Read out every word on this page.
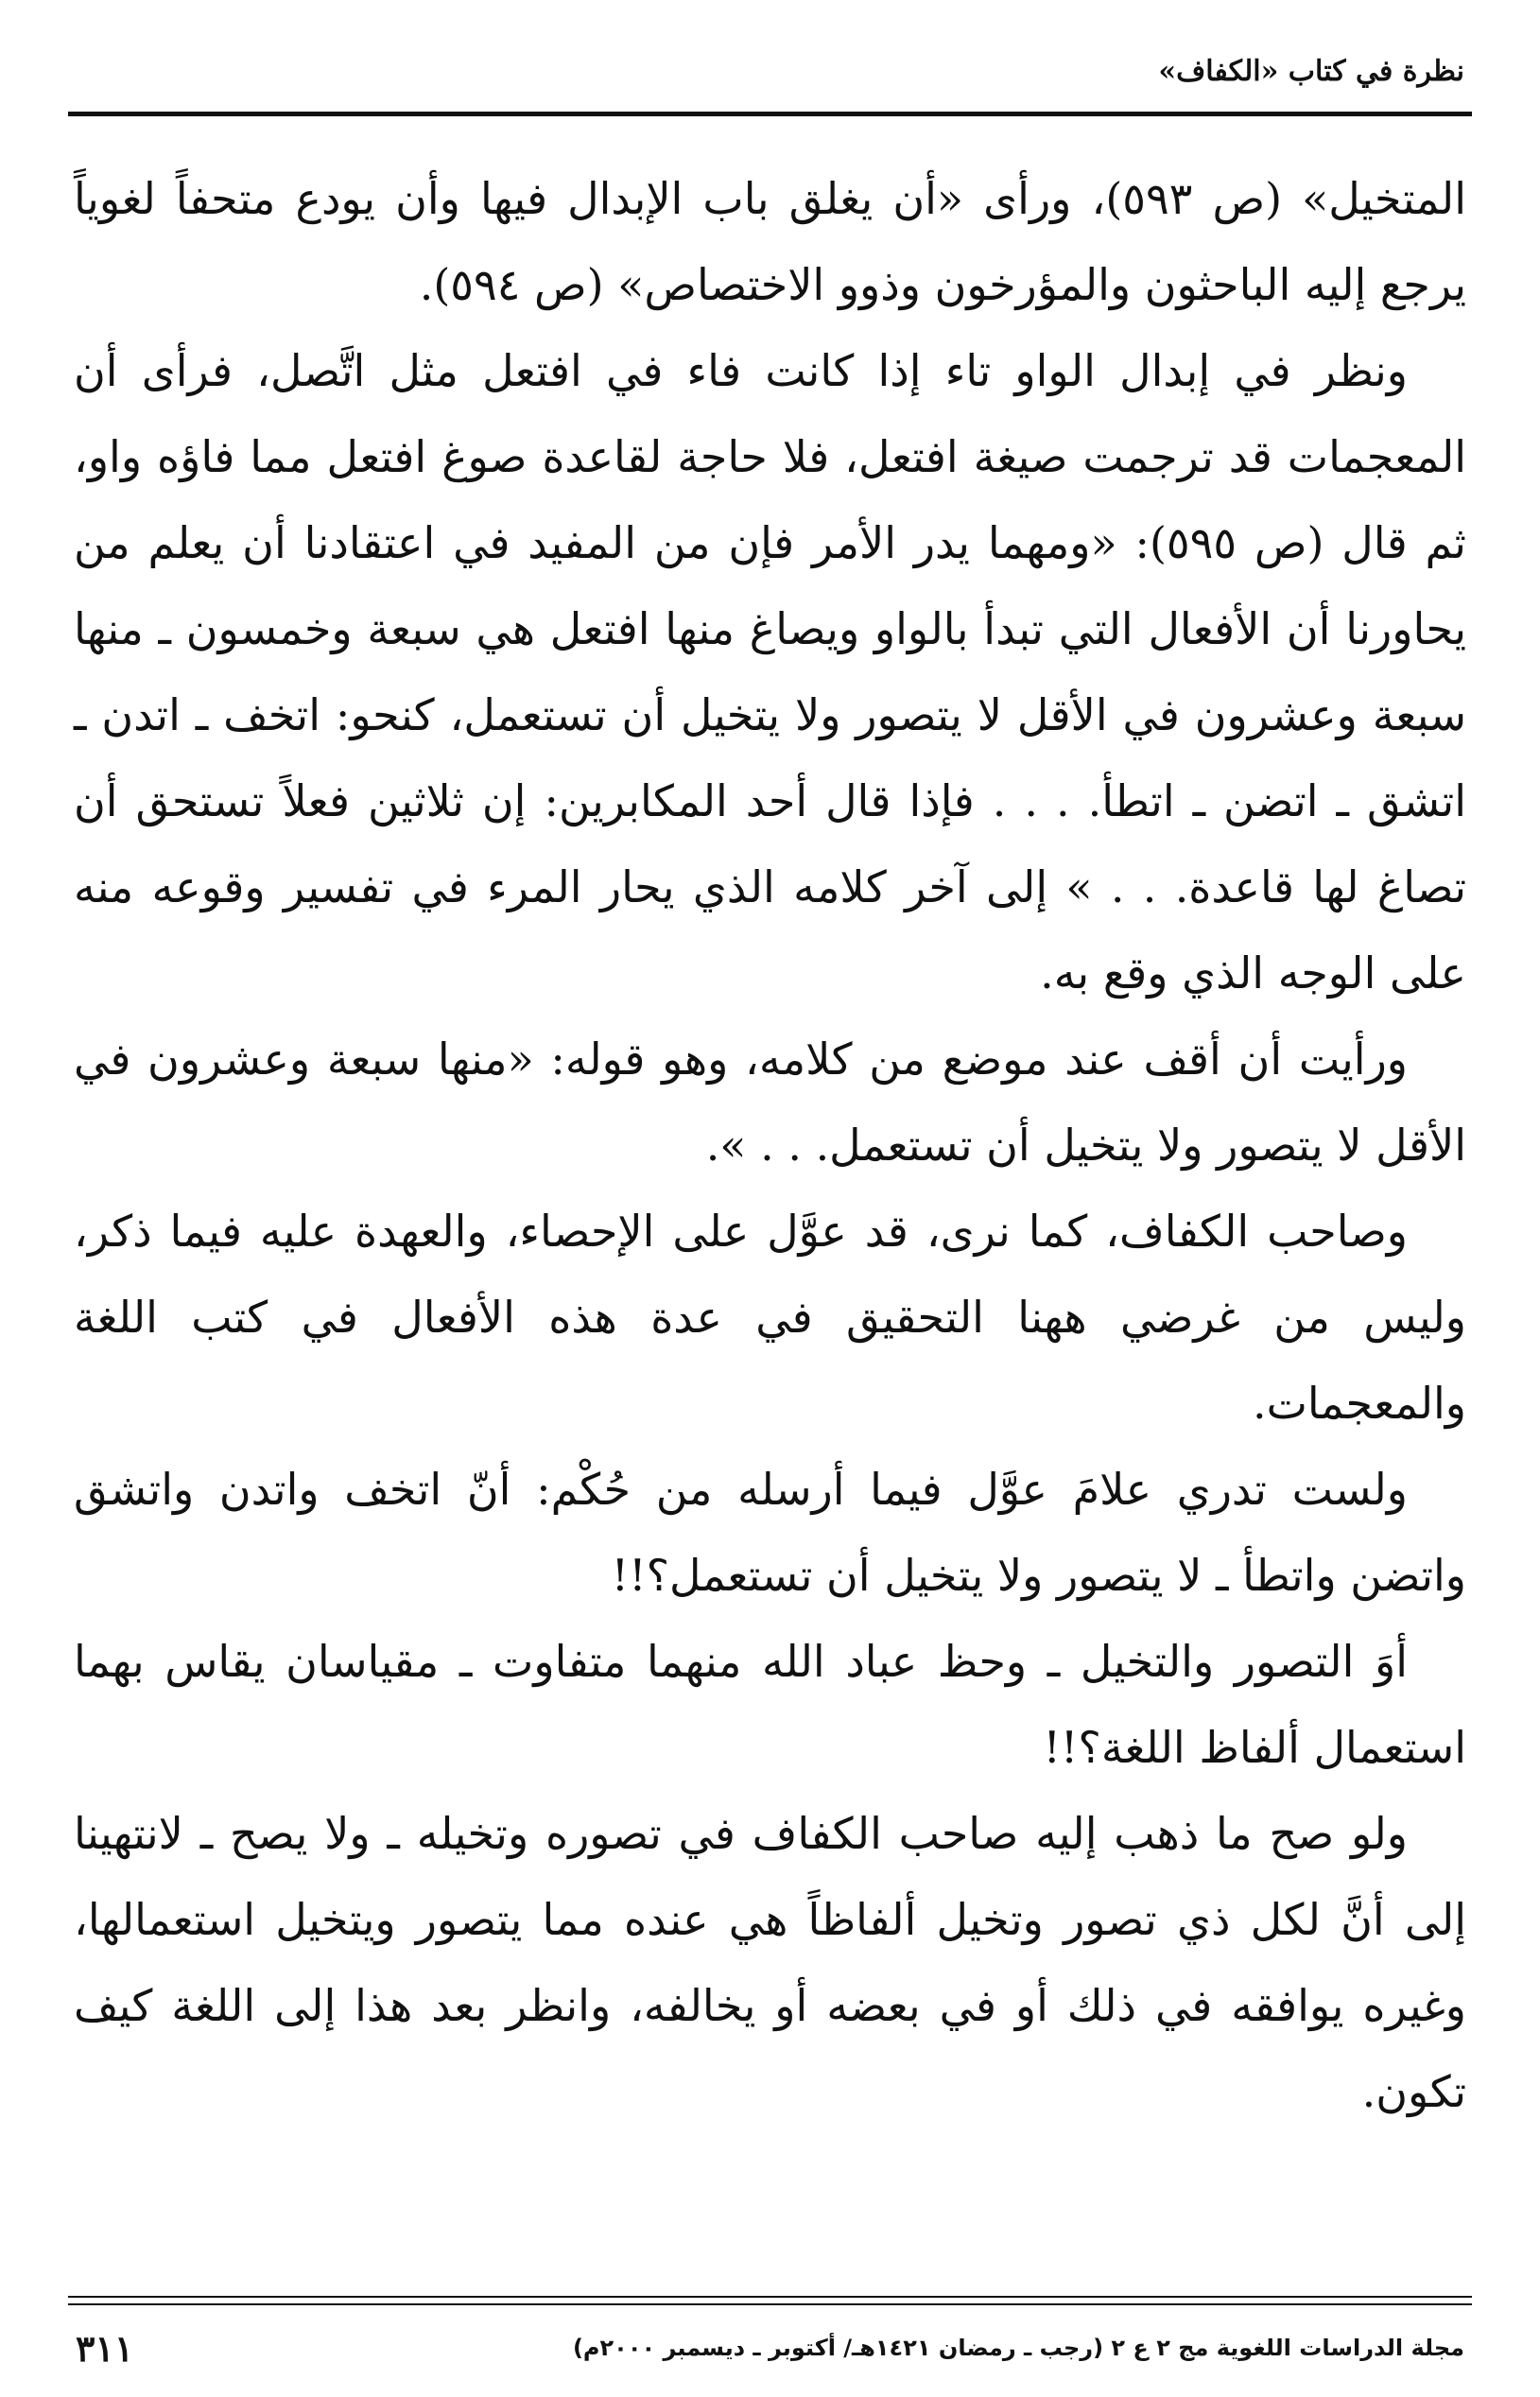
نظرة في كتاب «الكفاف»

المتخيل» (ص ٥٩٣)، ورأى «أن يغلق باب الإبدال فيها وأن يودع متحفاً لغوياً يرجع إليه الباحثون والمؤرخون وذوو الاختصاص» (ص ٥٩٤).

ونظر في إبدال الواو تاء إذا كانت فاء في افتعل مثل اتَّصل، فرأى أن المعجمات قد ترجمت صيغة افتعل، فلا حاجة لقاعدة صوغ افتعل مما فاؤه واو، ثم قال (ص ٥٩٥): «ومهما يدر الأمر فإن من المفيد في اعتقادنا أن يعلم من يحاورنا أن الأفعال التي تبدأ بالواو ويصاغ منها افتعل هي سبعة وخمسون ـ منها سبعة وعشرون في الأقل لا يتصور ولا يتخيل أن تستعمل، كنحو: اتخف ـ اتدن ـ اتشق ـ اتضن ـ اتطأ. . . . فإذا قال أحد المكابرين: إن ثلاثين فعلاً تستحق أن تصاغ لها قاعدة. . . » إلى آخر كلامه الذي يحار المرء في تفسير وقوعه منه على الوجه الذي وقع به.

ورأيت أن أقف عند موضع من كلامه، وهو قوله: «منها سبعة وعشرون في الأقل لا يتصور ولا يتخيل أن تستعمل. . . ».

وصاحب الكفاف، كما نرى، قد عوَّل على الإحصاء، والعهدة عليه فيما ذكر، وليس من غرضي ههنا التحقيق في عدة هذه الأفعال في كتب اللغة والمعجمات.

ولست تدري علامَ عوَّل فيما أرسله من حُكْم: أنّ اتخف واتدن واتشق واتضن واتطأ ـ لا يتصور ولا يتخيل أن تستعمل؟!!

أوَ التصور والتخيل ـ وحظ عباد الله منهما متفاوت ـ مقياسان يقاس بهما استعمال ألفاظ اللغة؟!!

ولو صح ما ذهب إليه صاحب الكفاف في تصوره وتخيله ـ ولا يصح ـ لانتهينا إلى أنَّ لكل ذي تصور وتخيل ألفاظاً هي عنده مما يتصور ويتخيل استعمالها، وغيره يوافقه في ذلك أو في بعضه أو يخالفه، وانظر بعد هذا إلى اللغة كيف تكون.

مجلة الدراسات اللغوية مج ٢ ع ٢ (رجب ـ رمضان ١٤٢١هـ/ أكتوبر ـ ديسمبر ٢٠٠٠م)
٣١١
